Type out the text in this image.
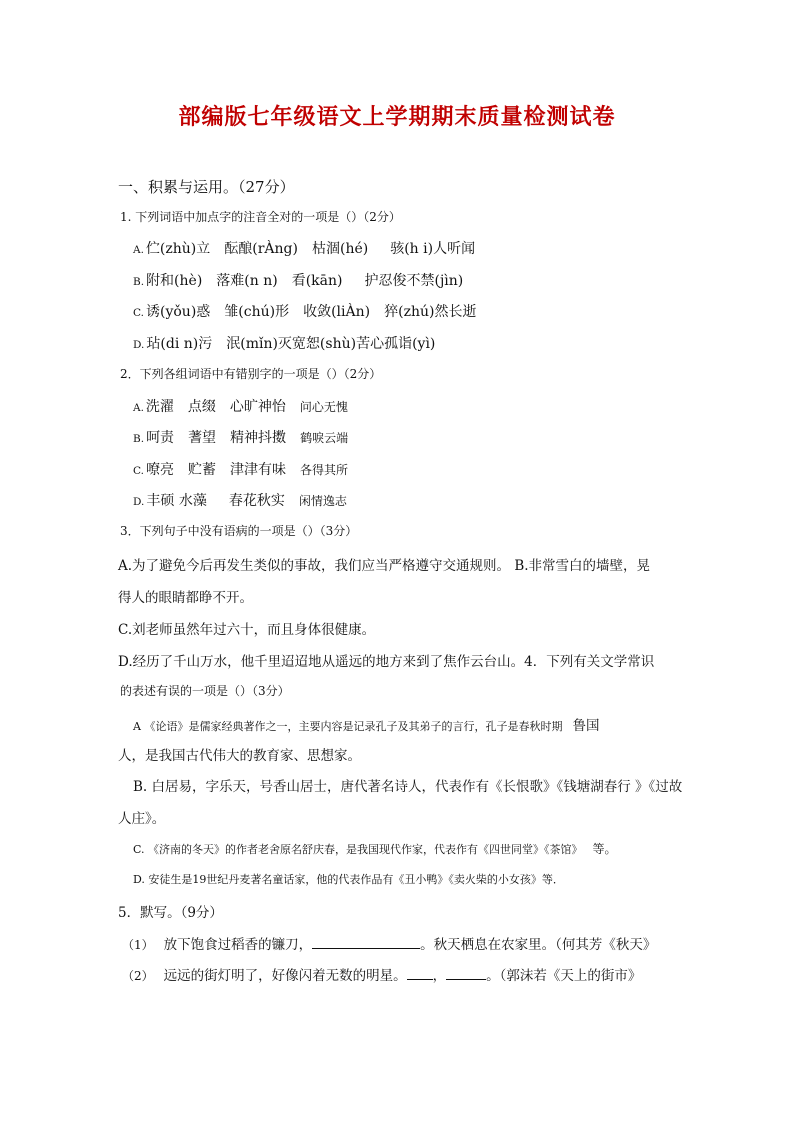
部编版七年级语文上学期期末质量检测试卷
一、积累与运用。（27分）
1. 下列词语中加点字的注音全对的一项是（）（2分）
A. 伫(zhù)立 酝酿(rÀng) 枯涸(hé) 骇(h i)人听闻
B. 附和(hè) 落难(n n) 看(kān) 护忍俊不禁(jìn)
C. 诱(yǒu)惑 雏(chú)形 收敛(liÀn) 猝(zhú)然长逝
D. 玷(di n)污 泯(mǐn)灭宽恕(shù)苦心孤诣(yì)
2．下列各组词语中有错别字的一项是（）（2分）
A. 洗濯 点缀 心旷神怡 问心无愧
B. 呵责 蓍望 精神抖擞 鹤唳云端
C. 嘹亮 贮蓄 津津有味 各得其所
D. 丰硕 水藻 春花秋实 闲情逸志
3．下列句子中没有语病的一项是（）（3分）
A.为了避免今后再发生类似的事故，我们应当严格遵守交通规则。 B.非常雪白的墙壁，晃
得人的眼睛都睁不开。
C.刘老师虽然年过六十，而且身体很健康。
D.经历了千山万水，他千里迢迢地从遥远的地方来到了焦作云台山。4．下列有关文学常识
的表述有误的一项是（）（3分）
A 《论语》是儒家经典著作之一，主要内容是记录孔子及其弟子的言行，孔子是春秋时期 鲁国
人，是我国古代伟大的教育家、思想家。
B. 白居易，字乐天，号香山居士，唐代著名诗人，代表作有《长恨歌》《钱塘湖春行 》《过故
人庄》。
C. 《济南的冬天》的作者老舍原名舒庆春，是我国现代作家，代表作有《四世同堂》《茶馆》 等。
D. 安徒生是19世纪丹麦著名童话家，他的代表作品有《丑小鸭》《卖火柴的小女孩》等．
5．默写。（9分）
（1） 放下饱食过稻香的镰刀，	。秋天栖息在农家里。（何其芳《秋天》
（2） 远远的街灯明了，好像闪着无数的明星。 ，	。（郭沫若《天上的街市》
